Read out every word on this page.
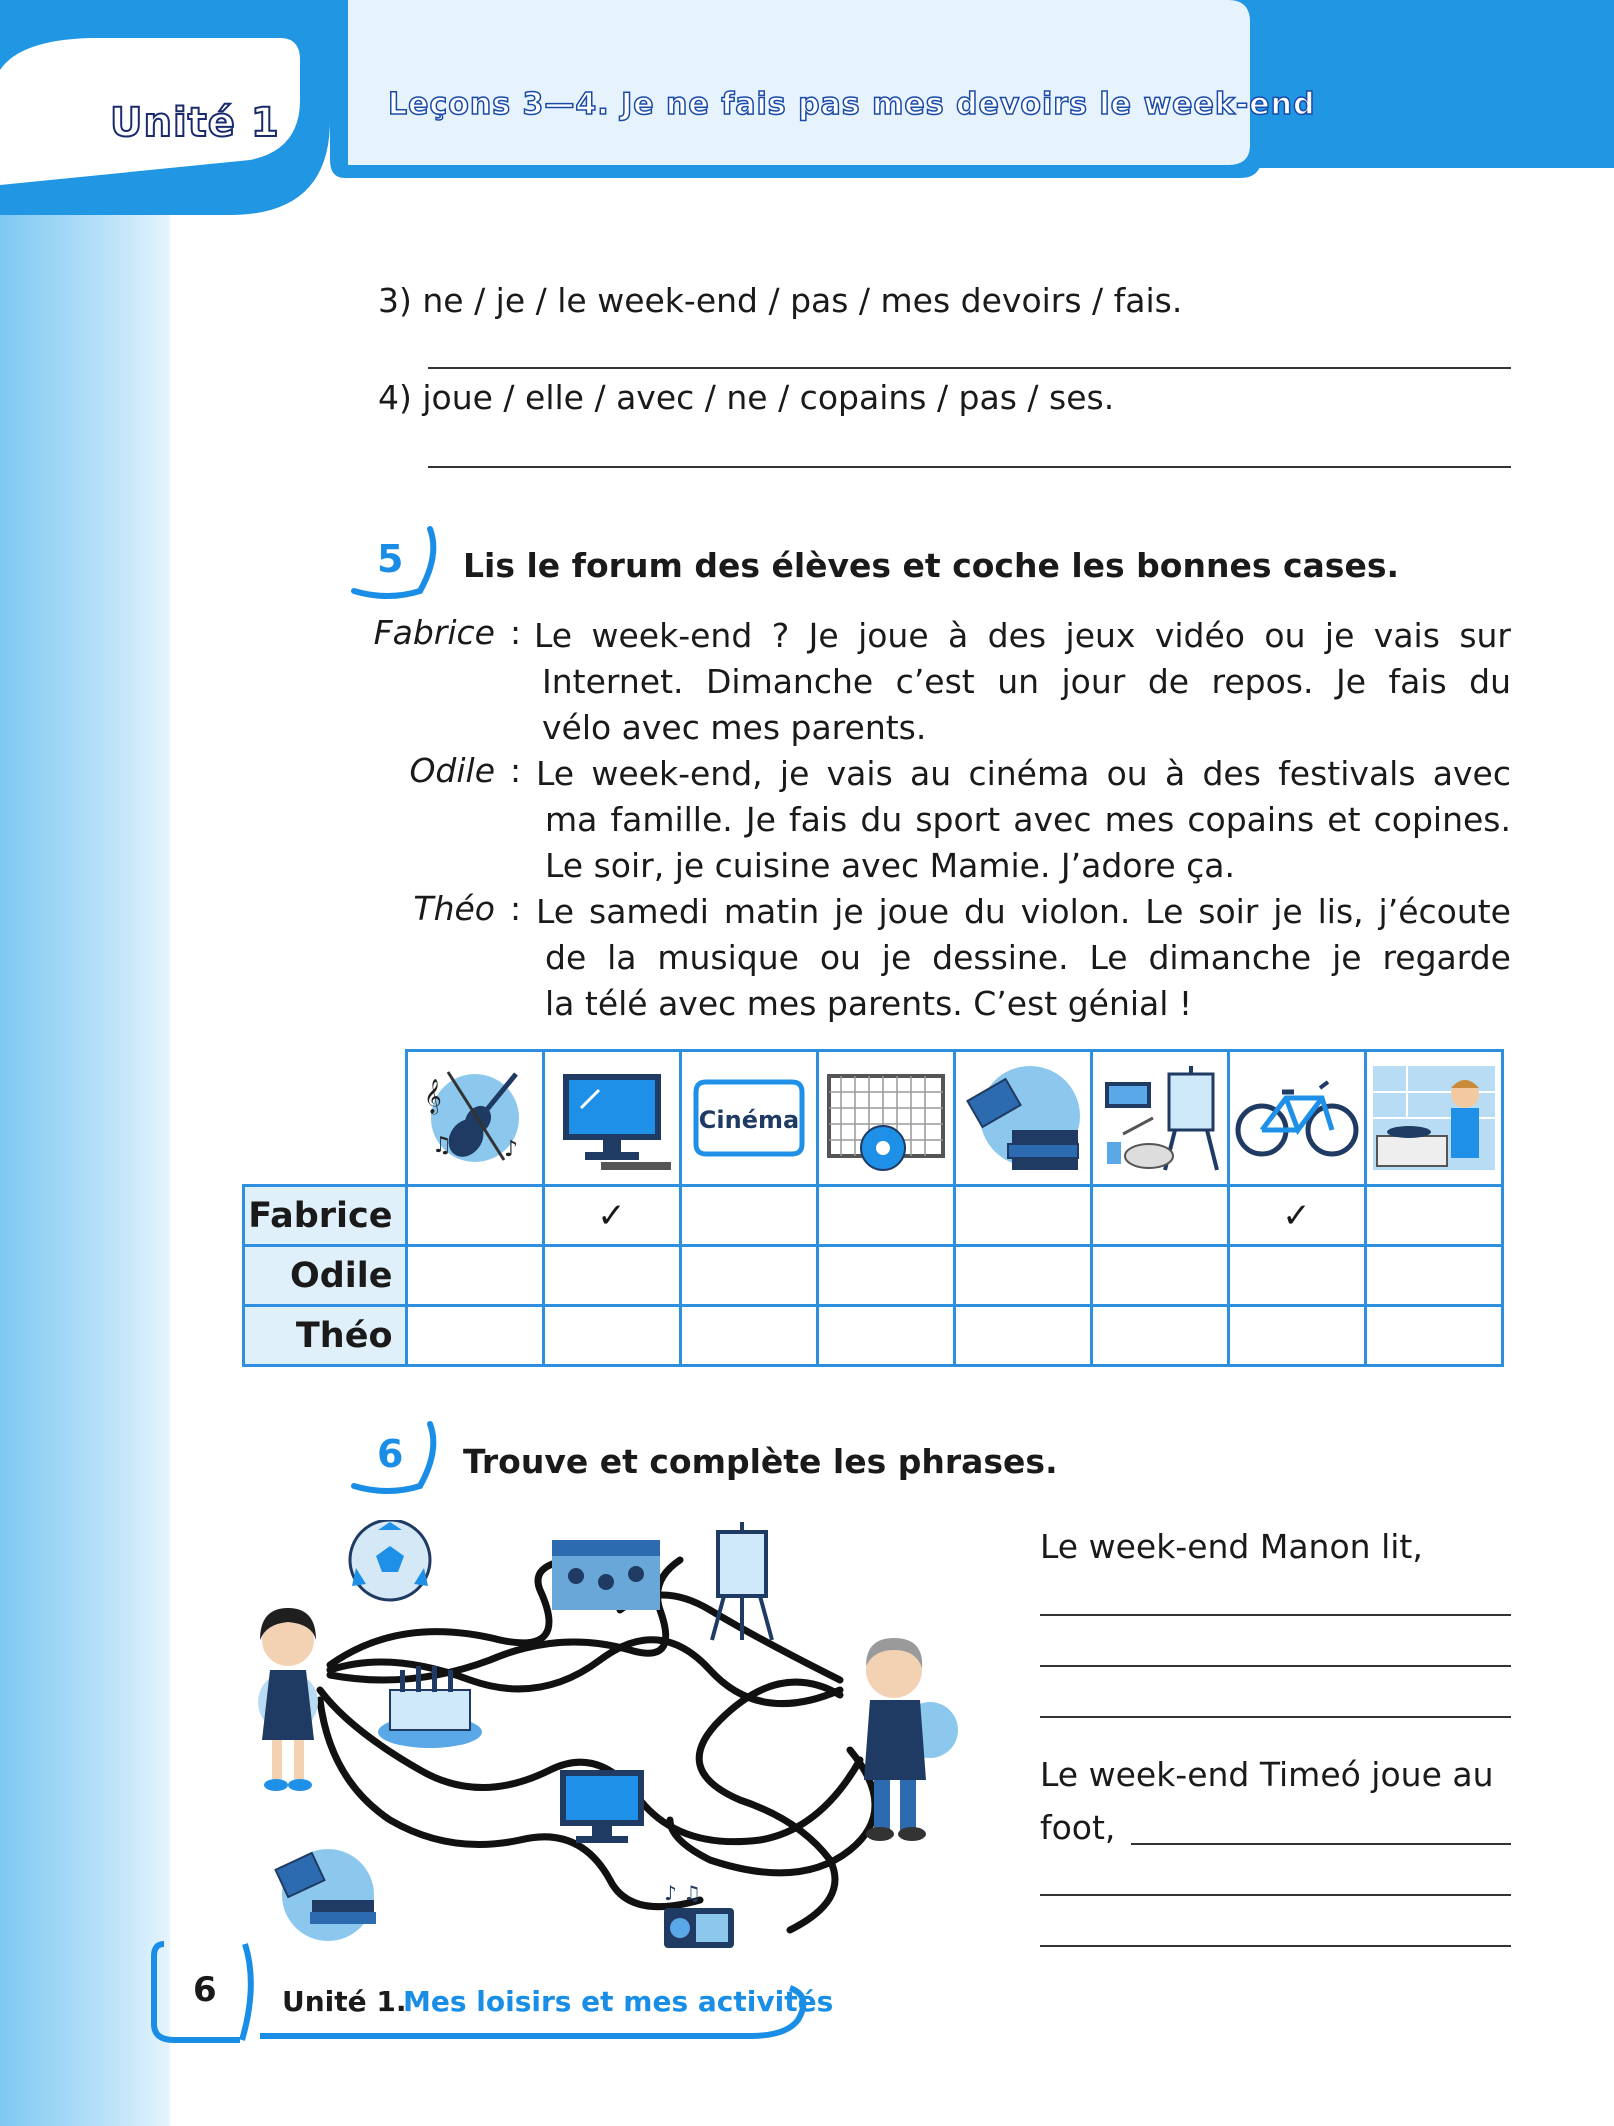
Unité 1	Leçons 3—4. Je ne fais pas mes devoirs le week-end
3) ne / je / le week-end / pas / mes devoirs / fais.
4) joue / elle / avec / ne / copains / pas / ses.
5 Lis le forum des élèves et coche les bonnes cases.
Fabrice : Le week-end ? Je joue à des jeux vidéo ou je vais sur
Internet. Dimanche c’est un jour de repos. Je fais du
vélo avec mes parents.
Odile : Le week-end, je vais au cinéma ou à des festivals avec
ma famille. Je fais du sport avec mes copains et copines.
Le soir, je cuisine avec Mamie. J’adore ça.
Théo : Le samedi matin je joue du violon. Le soir je lis, j’écoute
de la musique ou je dessine. Le dimanche je regarde
la télé avec mes parents. C’est génial !

𝄞
♪
♫		Cinéma

Fabrice		✓					✓	
Odile								
Théo								
6 Trouve et complète les phrases.
♪ ♫
Le week-end Manon lit,
Le week-end Timeó joue au
foot,
6 Unité 1.
Mes loisirs et mes activités
